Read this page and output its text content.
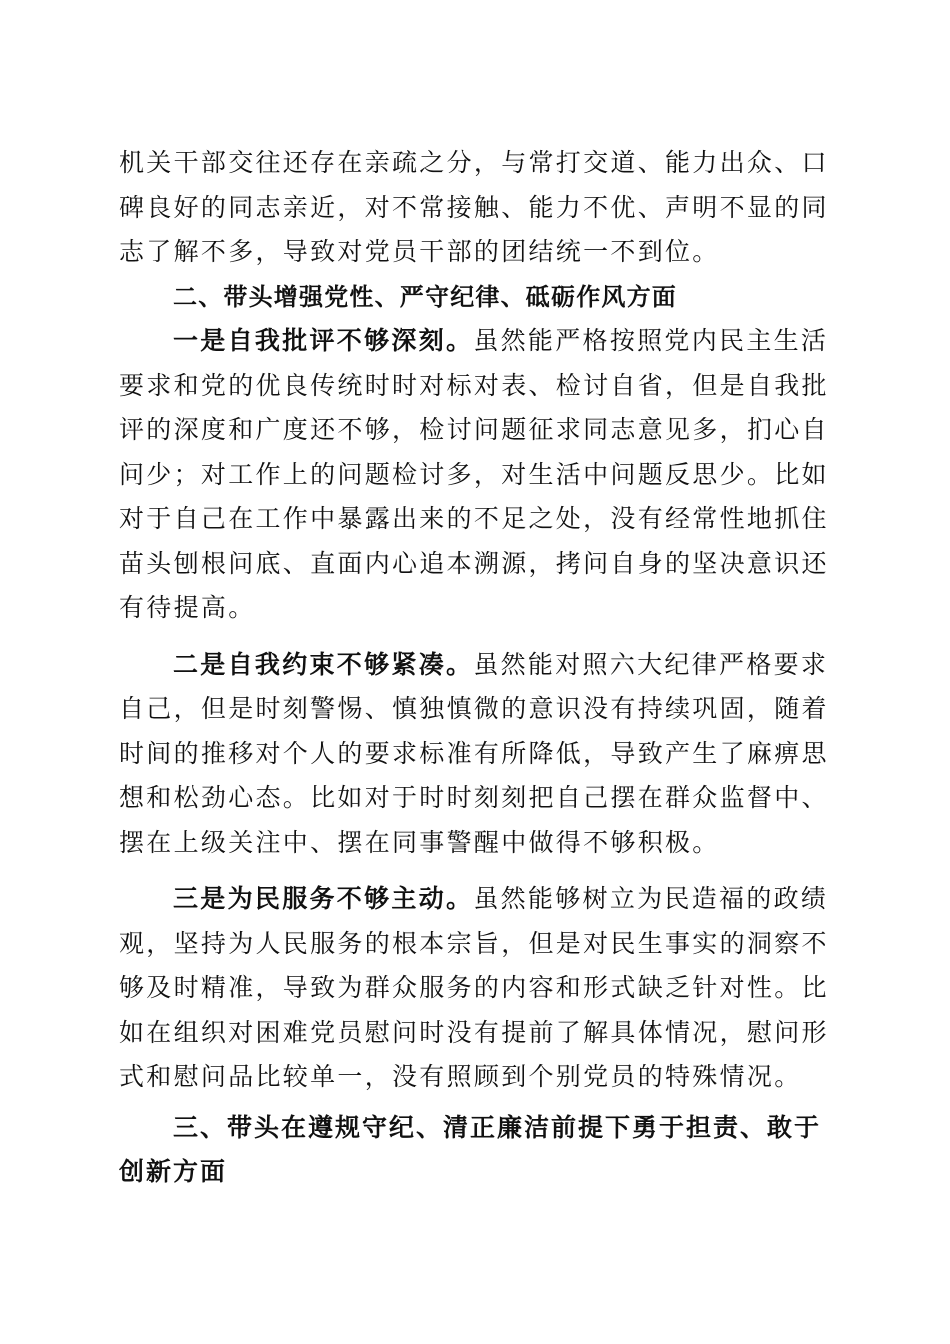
机关干部交往还存在亲疏之分，与常打交道、能力出众、口碑良好的同志亲近，对不常接触、能力不优、声明不显的同志了解不多，导致对党员干部的团结统一不到位。

二、带头增强党性、严守纪律、砥砺作风方面

一是自我批评不够深刻。虽然能严格按照党内民主生活要求和党的优良传统时时对标对表、检讨自省，但是自我批评的深度和广度还不够，检讨问题征求同志意见多，扪心自问少；对工作上的问题检讨多，对生活中问题反思少。比如对于自己在工作中暴露出来的不足之处，没有经常性地抓住苗头刨根问底、直面内心追本溯源，拷问自身的坚决意识还有待提高。

二是自我约束不够紧凑。虽然能对照六大纪律严格要求自己，但是时刻警惕、慎独慎微的意识没有持续巩固，随着时间的推移对个人的要求标准有所降低，导致产生了麻痹思想和松劲心态。比如对于时时刻刻把自己摆在群众监督中、摆在上级关注中、摆在同事警醒中做得不够积极。

三是为民服务不够主动。虽然能够树立为民造福的政绩观，坚持为人民服务的根本宗旨，但是对民生事实的洞察不够及时精准，导致为群众服务的内容和形式缺乏针对性。比如在组织对困难党员慰问时没有提前了解具体情况，慰问形式和慰问品比较单一，没有照顾到个别党员的特殊情况。

三、带头在遵规守纪、清正廉洁前提下勇于担责、敢于创新方面
